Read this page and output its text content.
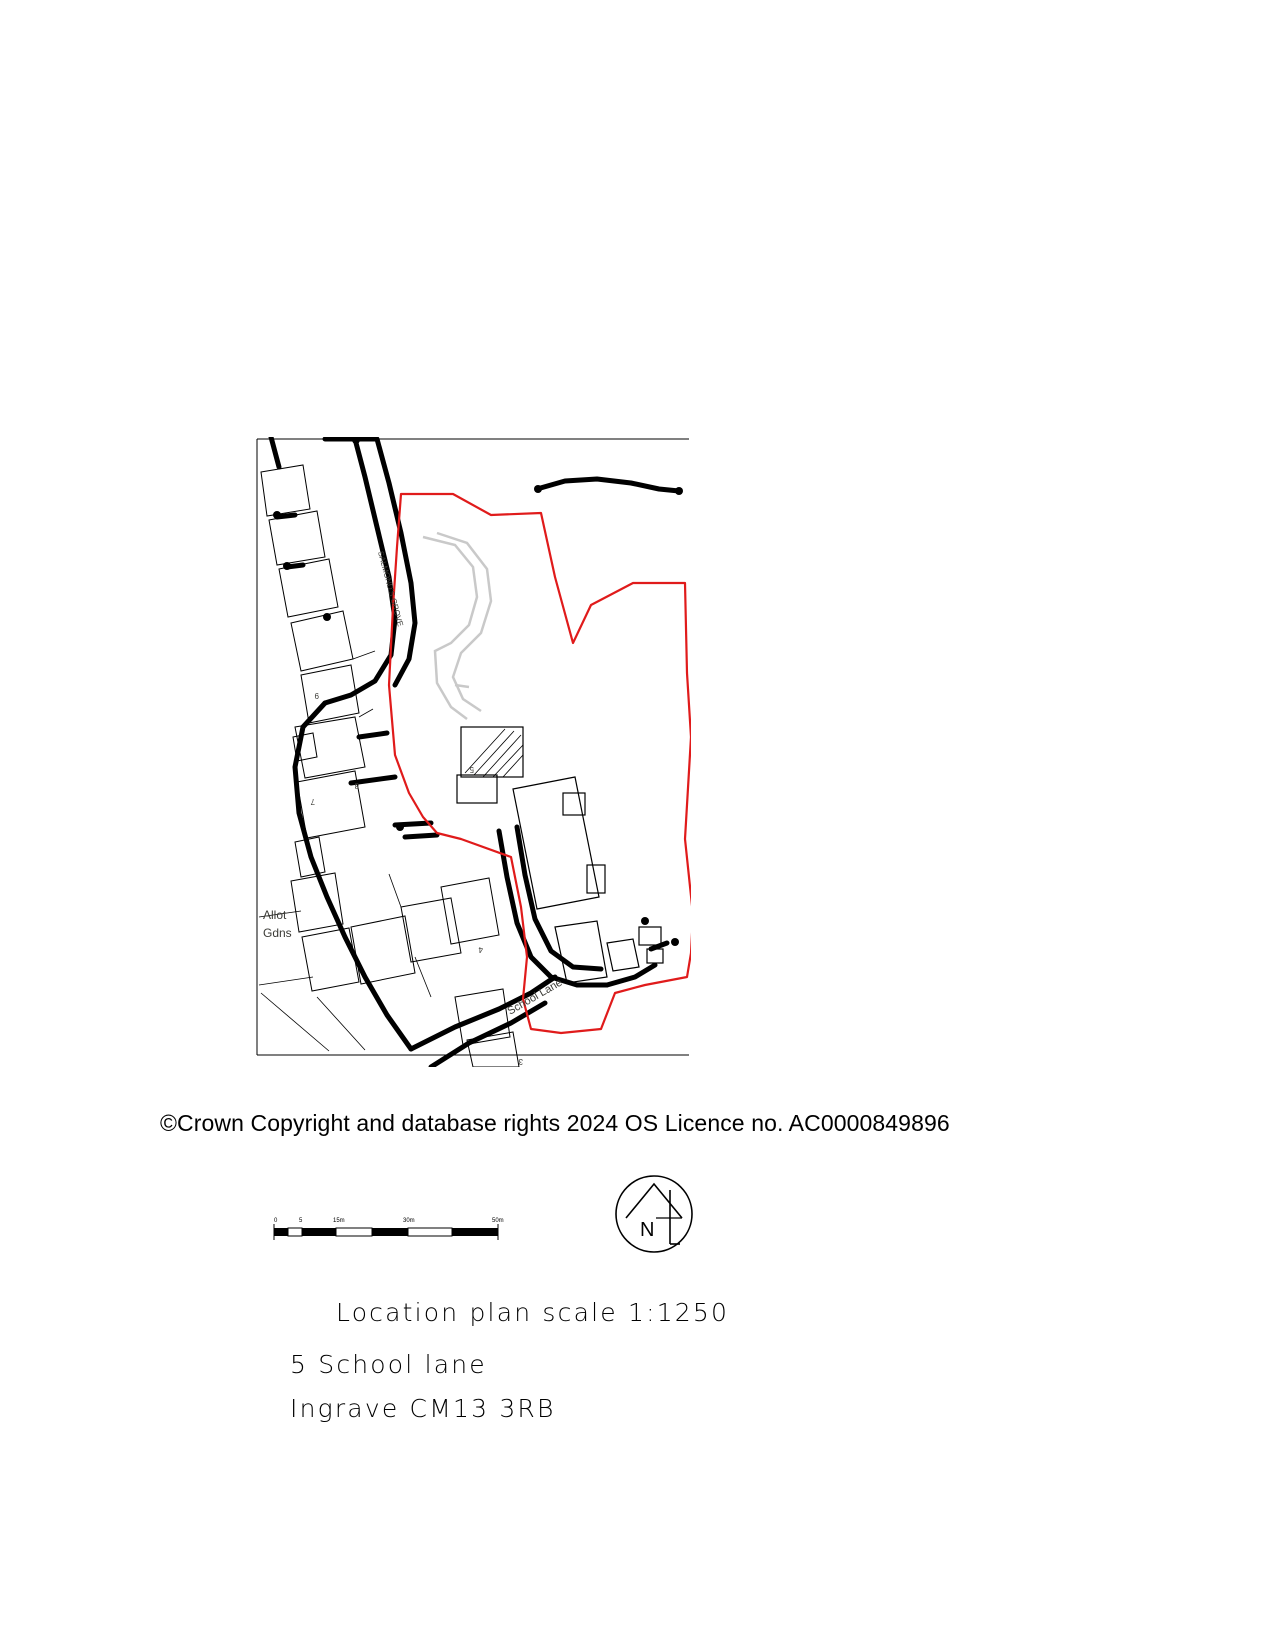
SALMOND'S GROVE
School Lane
Allot
Gdns
9
8
7
5
4
3
©Crown Copyright and database rights 2024 OS Licence no. AC0000849896
0	5	15m	30m	50m	N
Location plan scale 1:1250
5 School lane
Ingrave CM13 3RB
